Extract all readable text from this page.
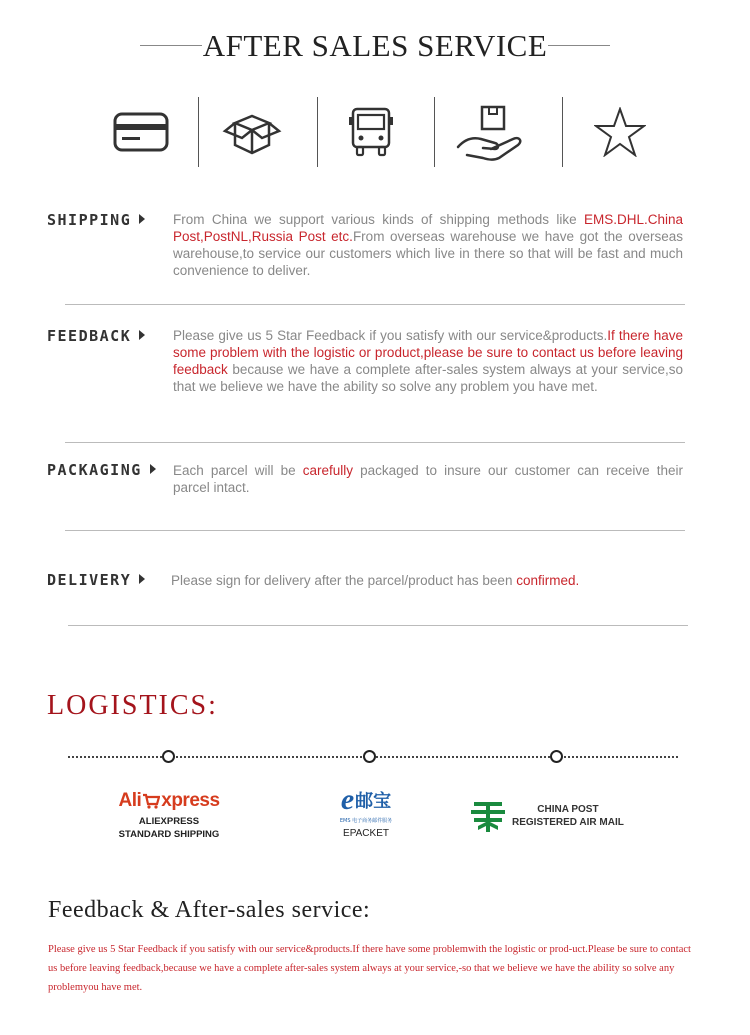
AFTER SALES SERVICE
SHIPPING	From China we support various kinds of shipping methods like EMS.DHL.China Post,PostNL,Russia Post etc.From overseas warehouse we have got the overseas warehouse,to service our customers which live in there so that will be fast and much convenience to deliver.
FEEDBACK	Please give us 5 Star Feedback if you satisfy with our service&products.If there have some problem with the logistic or product,please be sure to contact us before leaving feedback because we have a complete after-sales system always at your service,so that we believe we have the ability so solve any problem you have met.
PACKAGING	Each parcel will be carefully packaged to insure our customer can receive their parcel intact.
DELIVERY	Please sign for delivery after the parcel/product has been confirmed.
LOGISTICS:
Ali xpress
ALIEXPRESS
STANDARD SHIPPING
e 邮宝
EMS 电子商务邮件服务
EPACKET
CHINA POST
REGISTERED AIR MAIL
Feedback & After-sales service:
Please give us 5 Star Feedback if you satisfy with our service&products.If there have some problemwith the logistic or prod-uct.Please be sure to contact us before leaving feedback,because we have a complete after-sales system always at your service,-so that we believe we have the ability so solve any problemyou have met.
